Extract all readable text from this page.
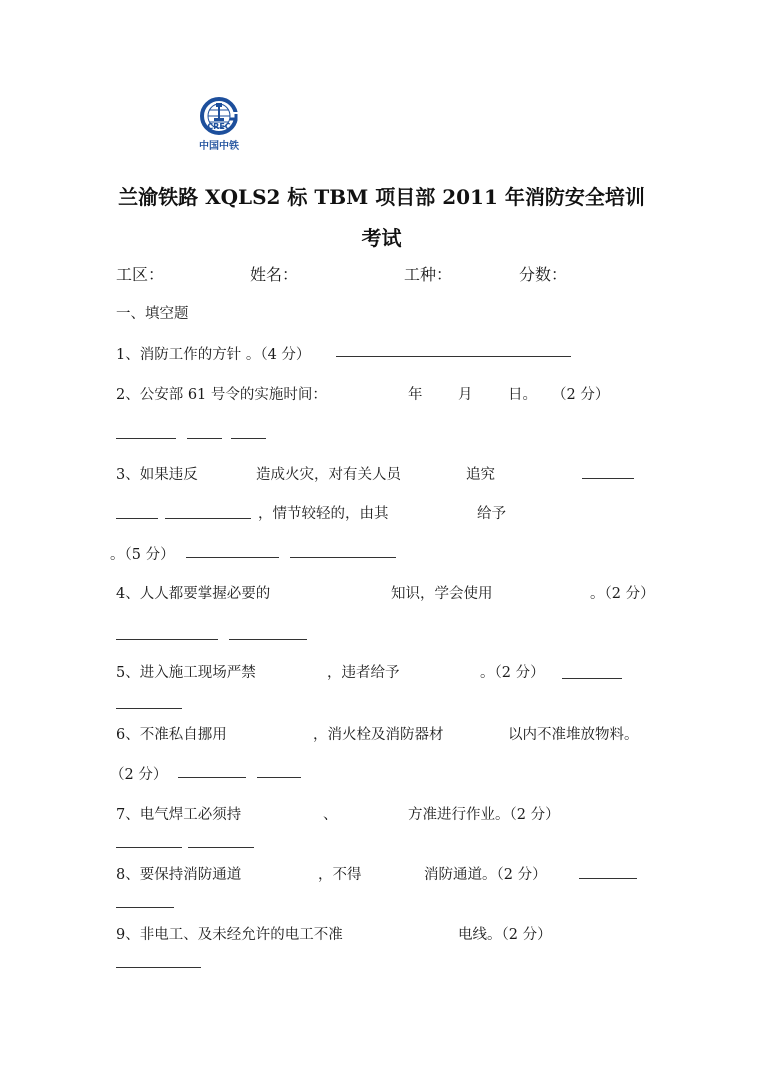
CREC
中国中铁
兰渝铁路 XQLS2 标 TBM 项目部 2011 年消防安全培训
考试
工区：	姓名：	工种：	分数：
一、填空题
1、消防工作的方针 。（4 分）
2、公安部 61 号令的实施时间：	年 月 日。 （2 分）
3、如果违反	造成火灾，对有关人员	追究
，情节较轻的，由其	给予
。（5 分）
4、人人都要掌握必要的	知识，学会使用	。（2 分）
5、进入施工现场严禁	，违者给予	。（2 分）
6、不准私自挪用	，消火栓及消防器材	以内不准堆放物料。
（2 分）
7、电气焊工必须持	、	方准进行作业。（2 分）
8、要保持消防通道	，不得	消防通道。（2 分）
9、非电工、及未经允许的电工不准	电线。（2 分）
